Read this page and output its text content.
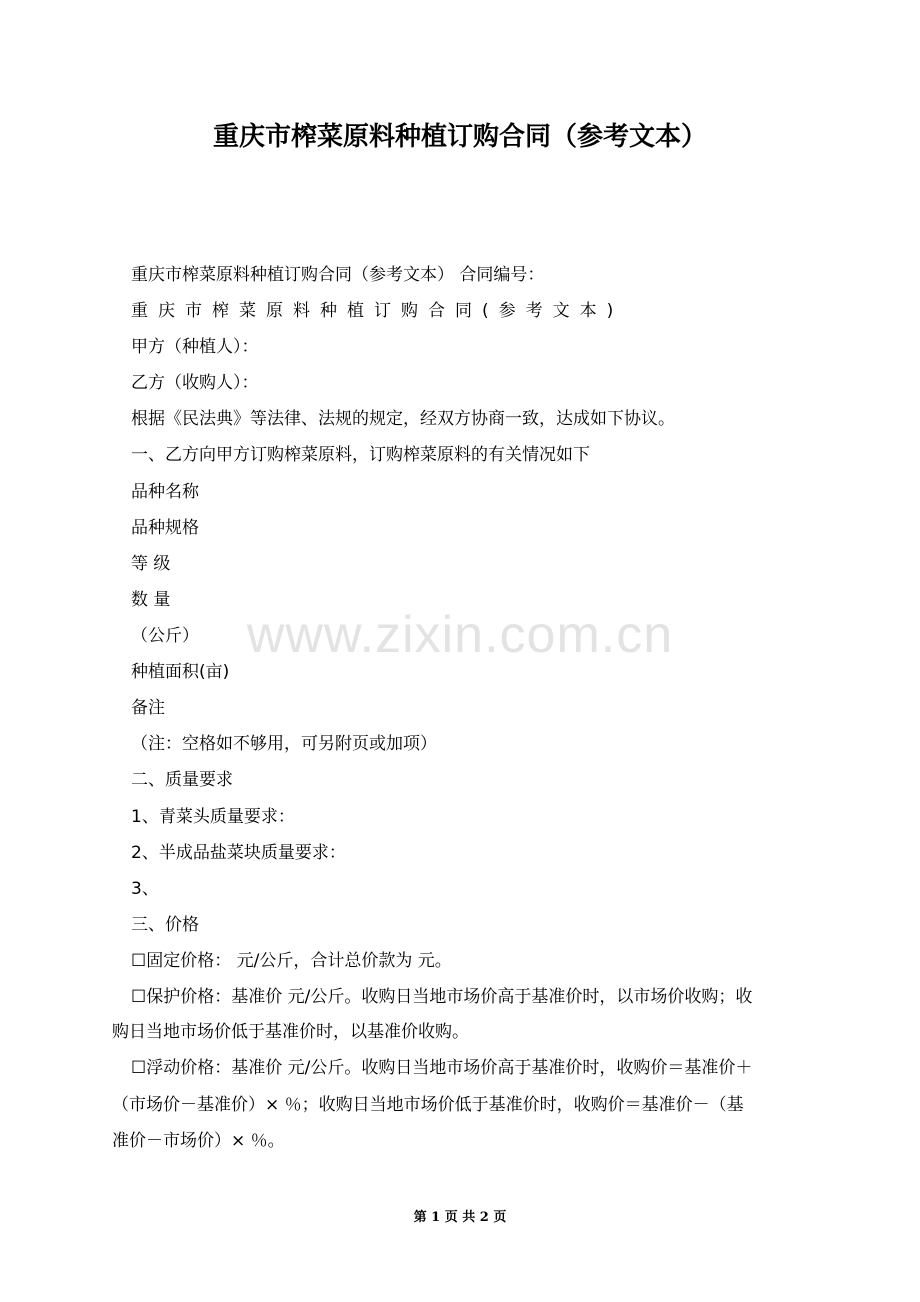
重庆市榨菜原料种植订购合同（参考文本）
www.zixin.com.cn
重庆市榨菜原料种植订购合同（参考文本） 合同编号：
重庆市榨菜原料种植订购合同(参考文本)
甲方（种植人）：
乙方（收购人）：
根据《民法典》等法律、法规的规定，经双方协商一致，达成如下协议。
一、乙方向甲方订购榨菜原料，订购榨菜原料的有关情况如下
品种名称
品种规格
等 级
数 量
（公斤）
种植面积(亩)
备注
（注：空格如不够用，可另附页或加项）
二、质量要求
1、青菜头质量要求：
2、半成品盐菜块质量要求：
3、
三、价格
☐固定价格： 元/公斤，合计总价款为 元。
☐保护价格：基准价 元/公斤。收购日当地市场价高于基准价时，以市场价收购；收
购日当地市场价低于基准价时，以基准价收购。
☐浮动价格：基准价 元/公斤。收购日当地市场价高于基准价时，收购价＝基准价＋
（市场价－基准价）× ％；收购日当地市场价低于基准价时，收购价＝基准价－（基
准价－市场价）× ％。
第 1 页 共 2 页
